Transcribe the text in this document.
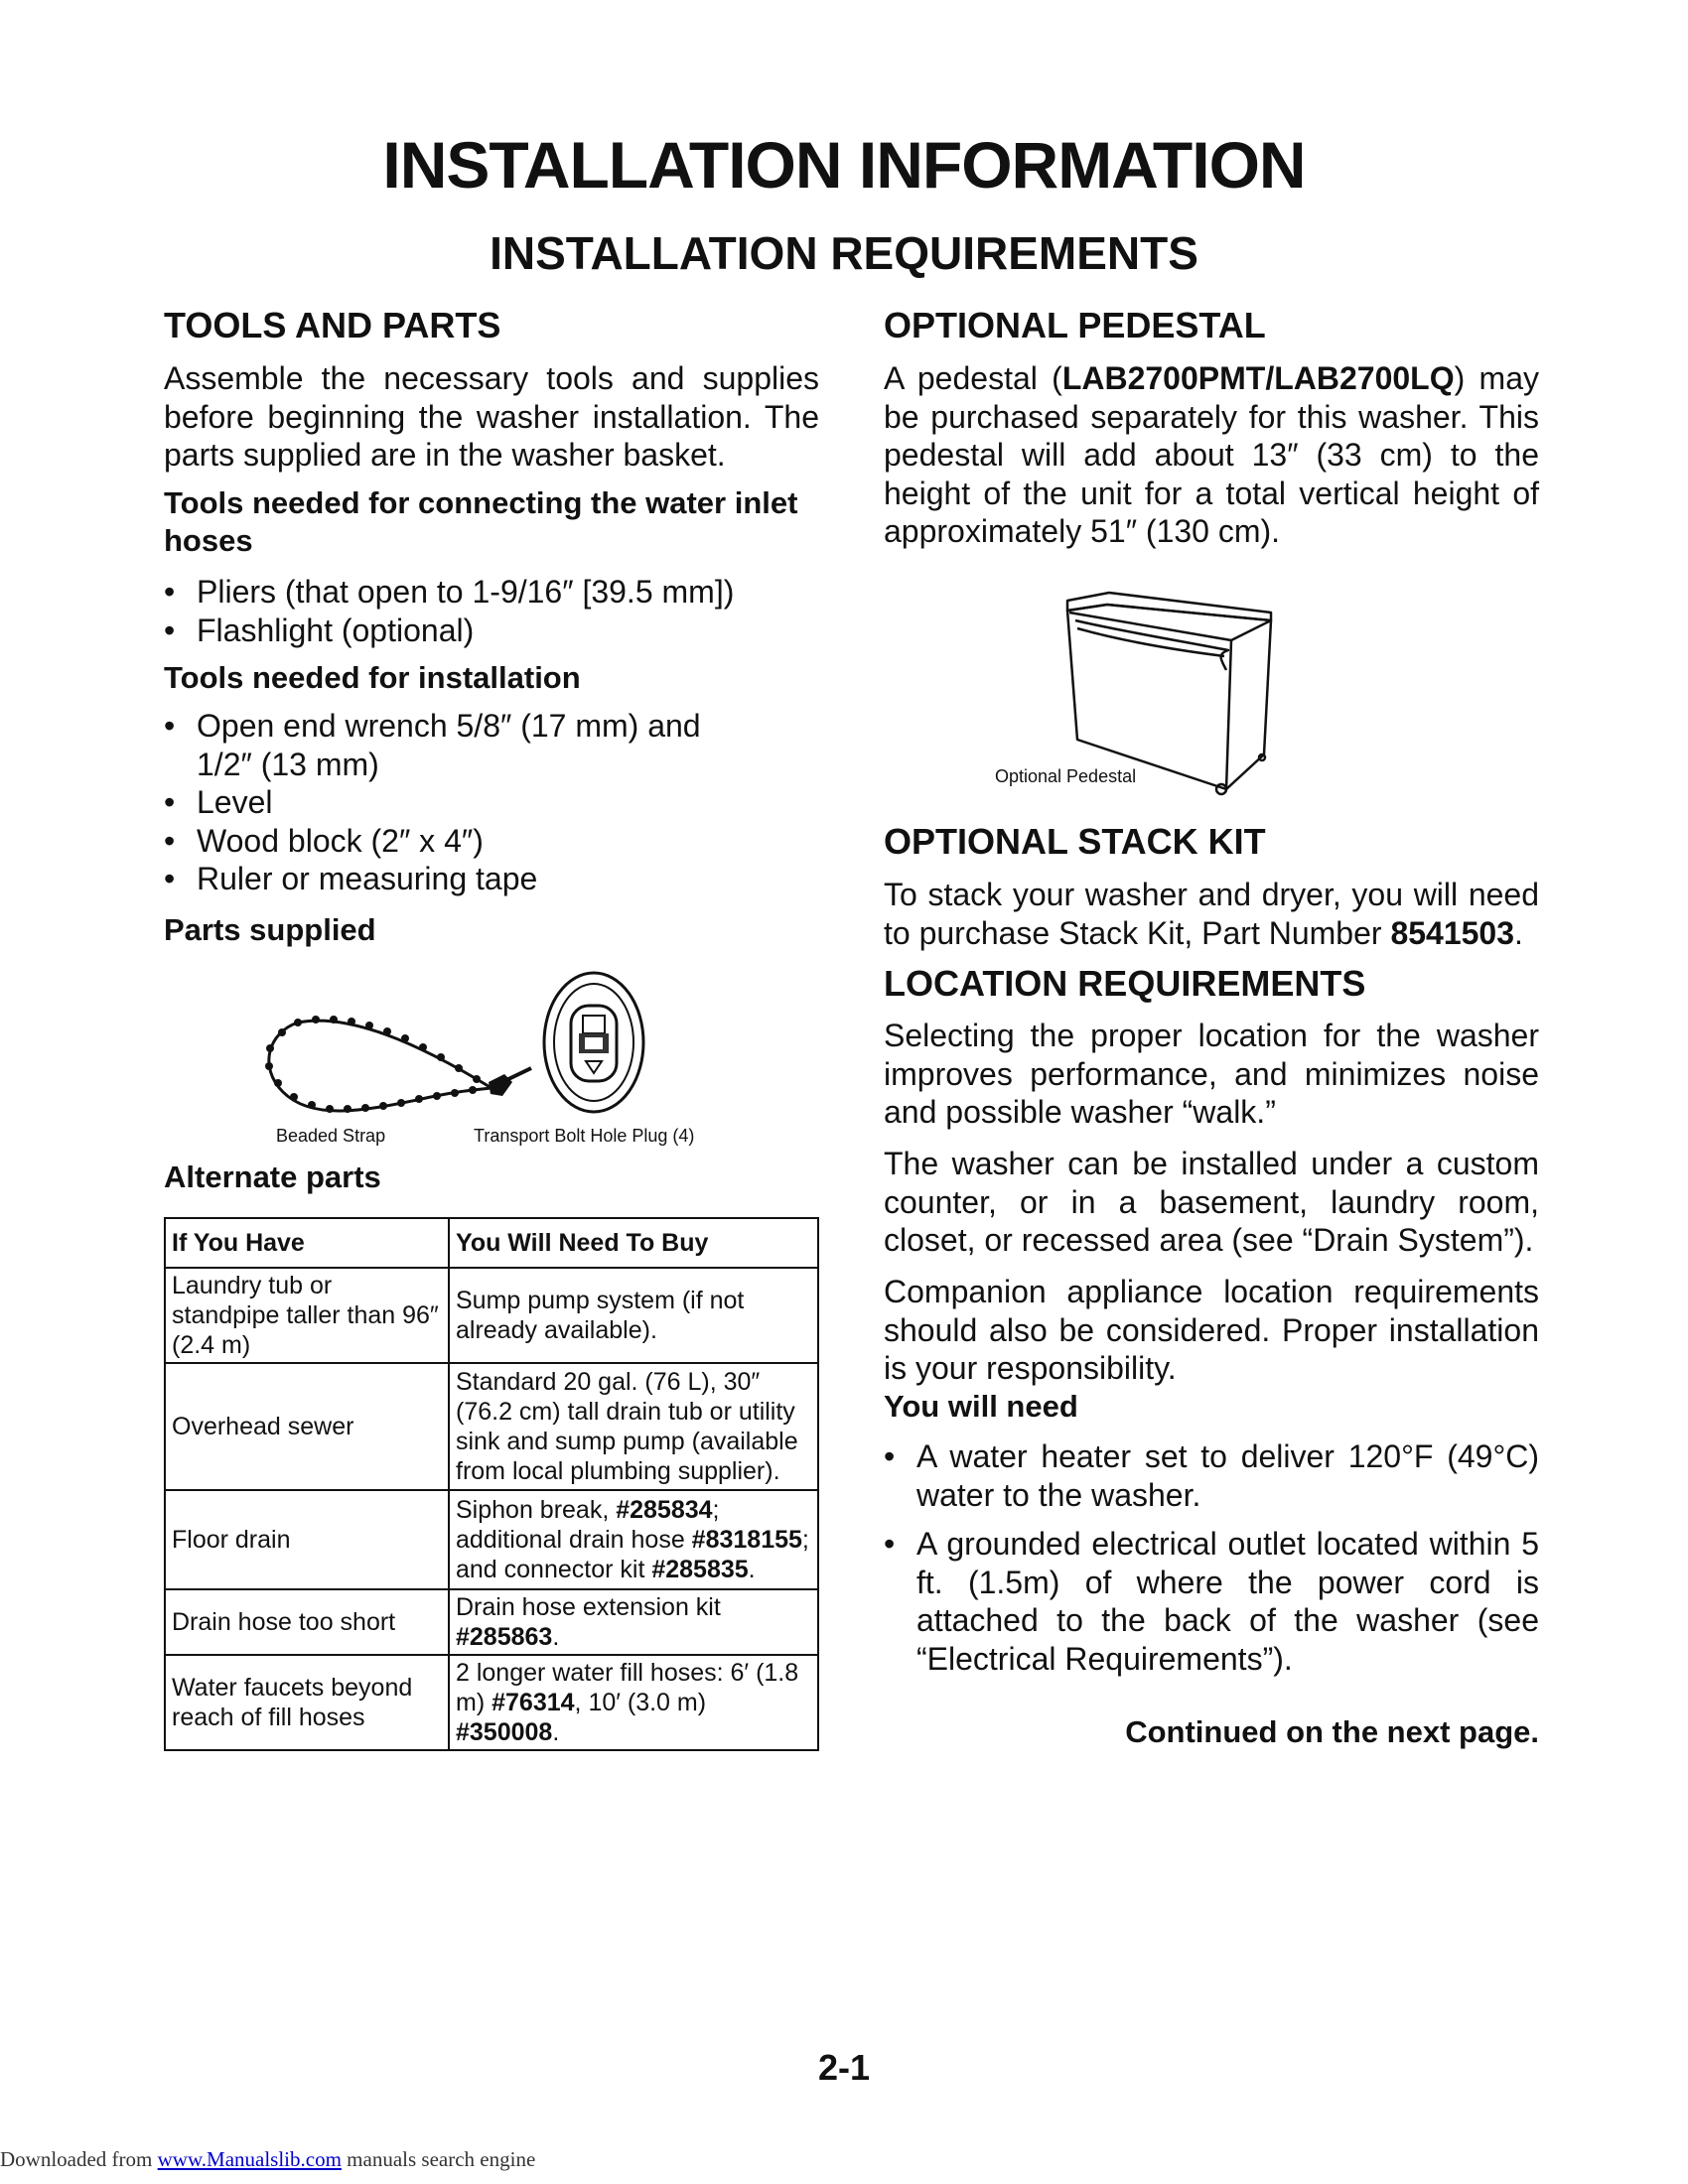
INSTALLATION INFORMATION
INSTALLATION REQUIREMENTS
TOOLS AND PARTS

Assemble the necessary tools and supplies before beginning the washer installation. The parts supplied are in the washer basket.

Tools needed for connecting the water inlet hoses
• Pliers (that open to 1-9/16″ [39.5 mm])
• Flashlight (optional)
Tools needed for installation
• Open end wrench 5/8″ (17 mm) and 1/2″ (13 mm)
• Level
• Wood block (2″ x 4″)
• Ruler or measuring tape
Parts supplied
Beaded Strap	Transport Bolt Hole Plug (4)
Alternate parts
If You Have	You Will Need To Buy
Laundry tub or standpipe taller than 96″ (2.4 m)	Sump pump system (if not already available).
Overhead sewer	Standard 20 gal. (76 L), 30″ (76.2 cm) tall drain tub or utility sink and sump pump (available from local plumbing supplier).
Floor drain	Siphon break, #285834; additional drain hose #8318155; and connector kit #285835.
Drain hose too short	Drain hose extension kit #285863.
Water faucets beyond reach of fill hoses	2 longer water fill hoses: 6′ (1.8 m) #76314, 10′ (3.0 m) #350008.
OPTIONAL PEDESTAL

A pedestal (LAB2700PMT/LAB2700LQ) may be purchased separately for this washer. This pedestal will add about 13″ (33 cm) to the height of the unit for a total vertical height of approximately 51″ (130 cm).

Optional Pedestal
OPTIONAL STACK KIT

To stack your washer and dryer, you will need to purchase Stack Kit, Part Number 8541503.

LOCATION REQUIREMENTS

Selecting the proper location for the washer improves performance, and minimizes noise and possible washer “walk.”

The washer can be installed under a custom counter, or in a basement, laundry room, closet, or recessed area (see “Drain System”).

Companion appliance location requirements should also be considered. Proper installation is your responsibility.

You will need
• A water heater set to deliver 120°F (49°C) water to the washer.
• A grounded electrical outlet located within 5 ft. (1.5m) of where the power cord is attached to the back of the washer (see “Electrical Requirements”).

Continued on the next page.

2-1
Downloaded from www.Manualslib.com manuals search engine
